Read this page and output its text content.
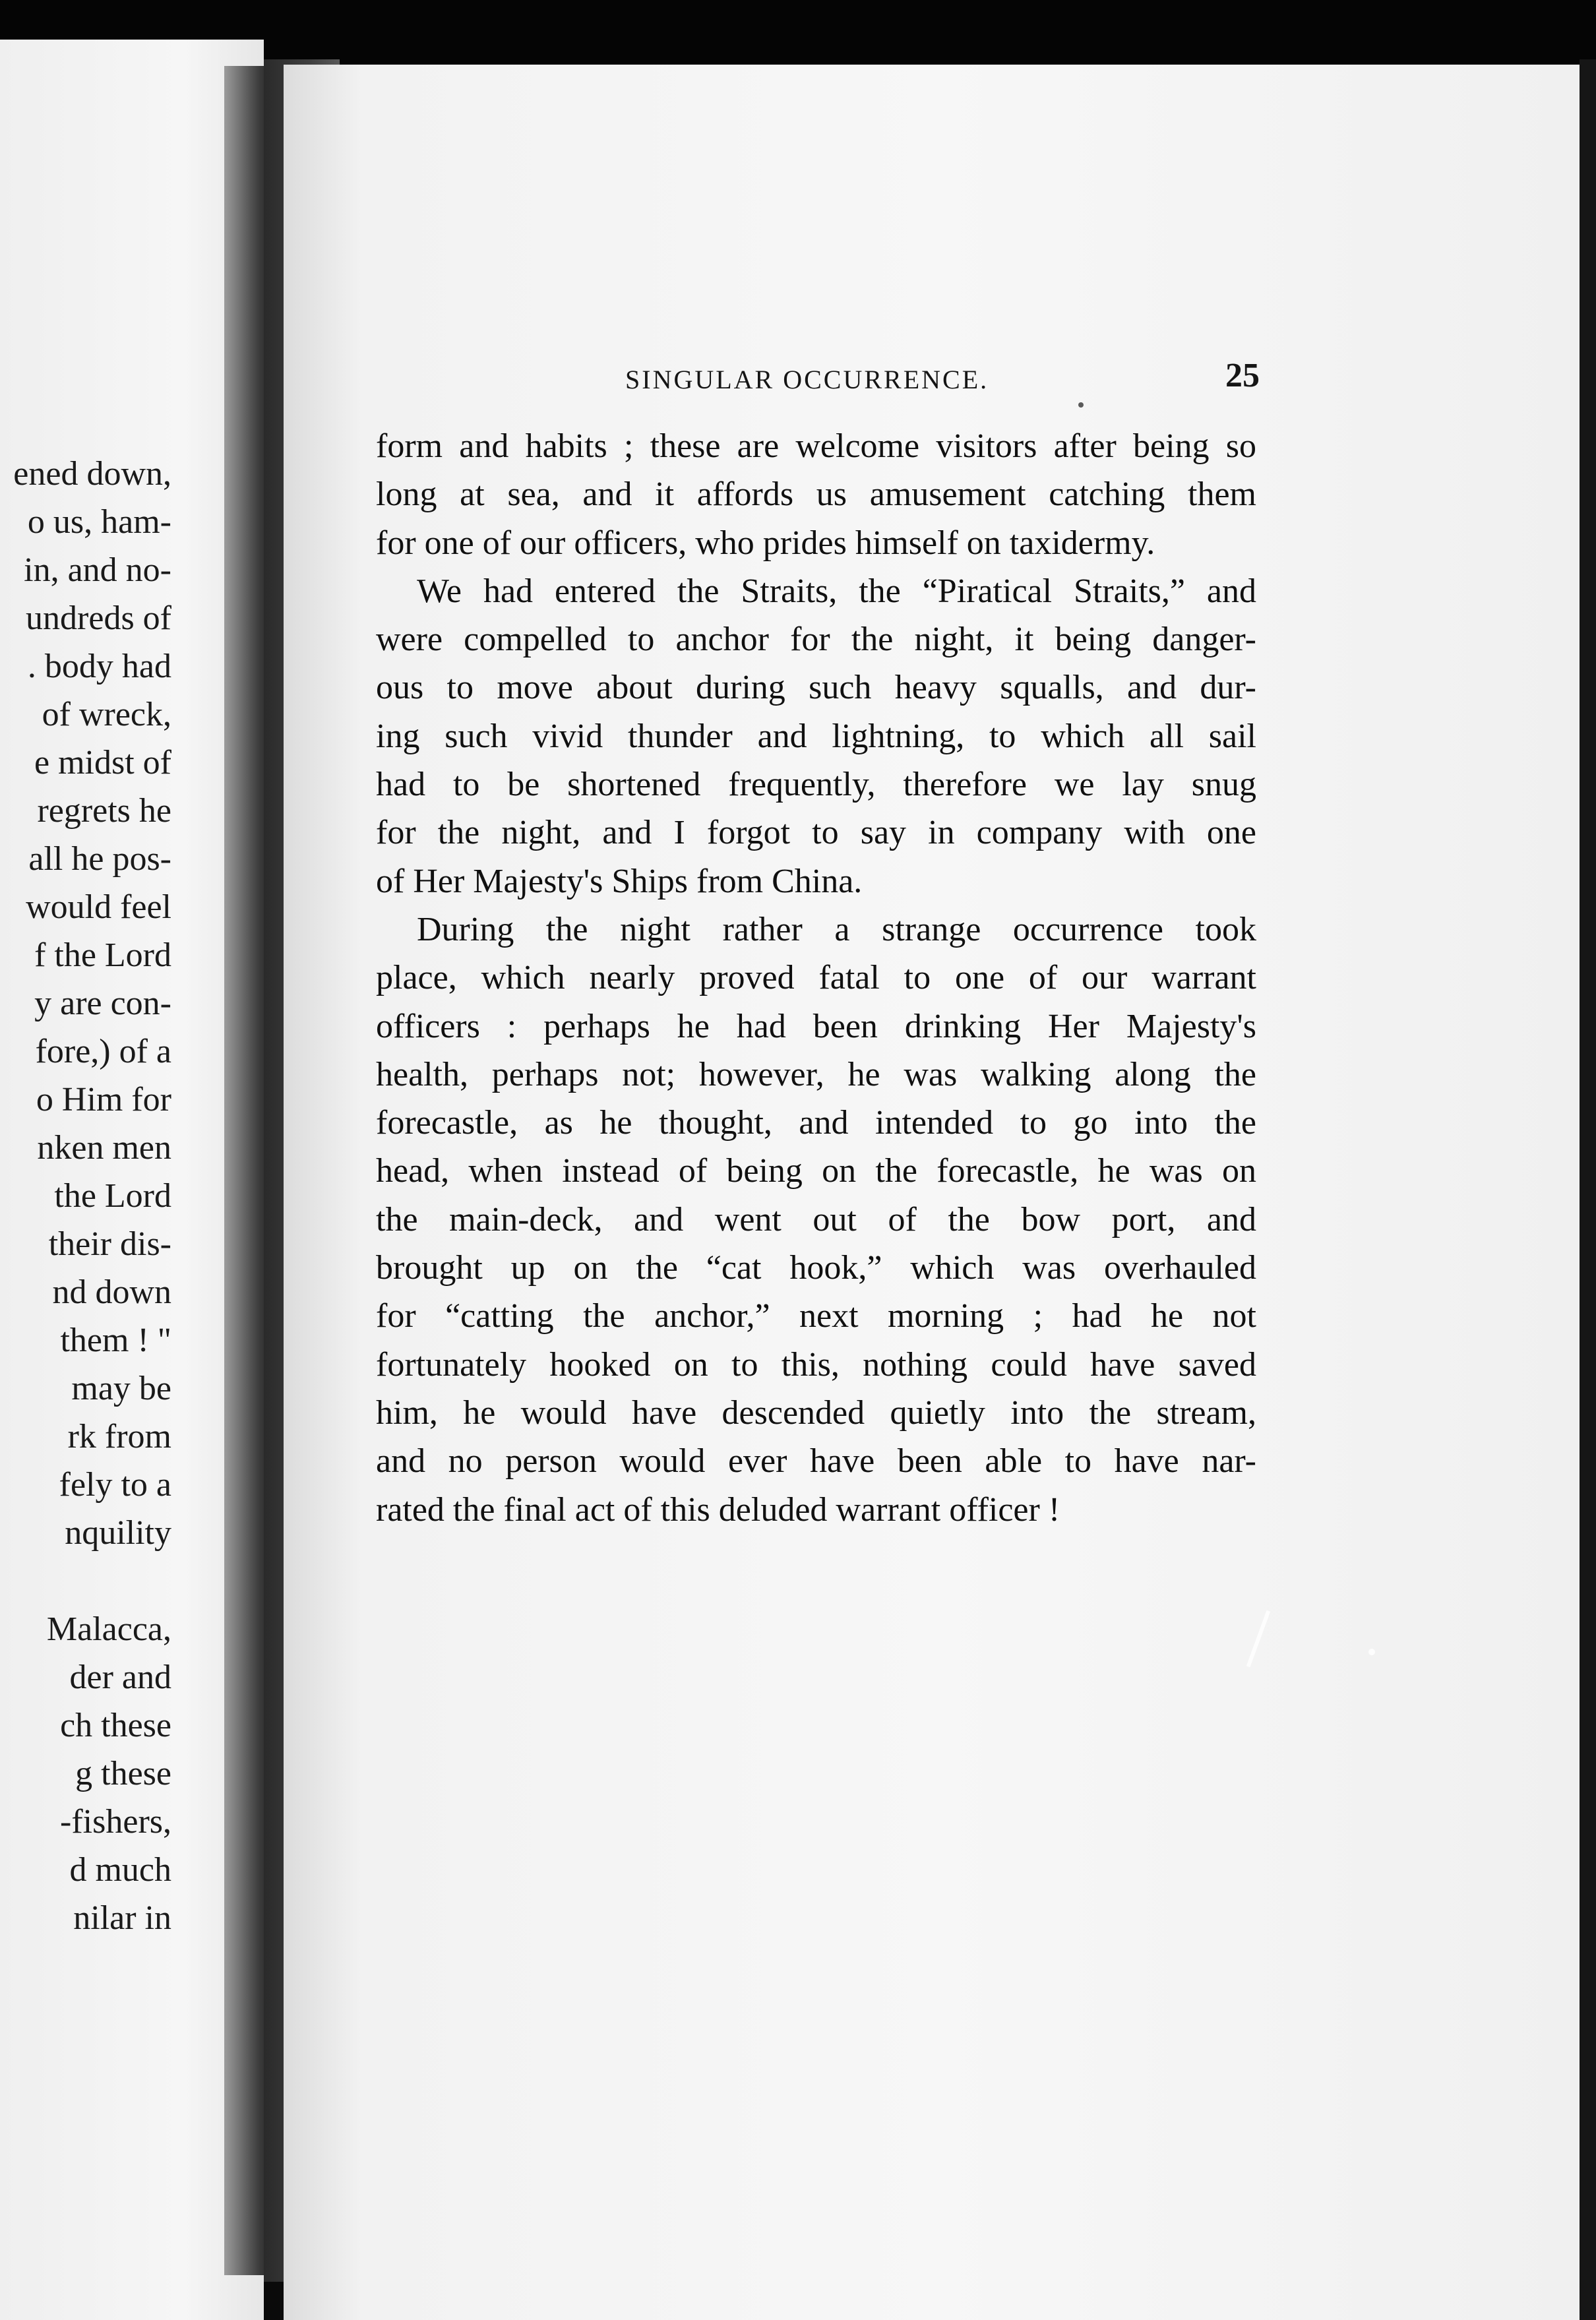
ened down,
o us, ham-
in, and no-
undreds of
. body had
of wreck,
e midst of
regrets he
all he pos-
would feel
f the Lord
y are con-
fore,) of a
o Him for
nken men
the Lord
their dis-
nd down
them ! "
may be
rk from
fely to a
nquility
Malacca,
der and
ch these
g these
-fishers,
d much
nilar in
SINGULAR OCCURRENCE.	25
form and habits ; these are welcome visitors after being so
long at sea, and it affords us amusement catching them
for one of our officers, who prides himself on taxidermy.
We had entered the Straits, the “Piratical Straits,” and
were compelled to anchor for the night, it being danger-
ous to move about during such heavy squalls, and dur-
ing such vivid thunder and lightning, to which all sail
had to be shortened frequently, therefore we lay snug
for the night, and I forgot to say in company with one
of Her Majesty's Ships from China.
During the night rather a strange occurrence took
place, which nearly proved fatal to one of our warrant
officers : perhaps he had been drinking Her Majesty's
health, perhaps not; however, he was walking along the
forecastle, as he thought, and intended to go into the
head, when instead of being on the forecastle, he was on
the main-deck, and went out of the bow port, and
brought up on the “cat hook,” which was overhauled
for “catting the anchor,” next morning ; had he not
fortunately hooked on to this, nothing could have saved
him, he would have descended quietly into the stream,
and no person would ever have been able to have nar-
rated the final act of this deluded warrant officer !
